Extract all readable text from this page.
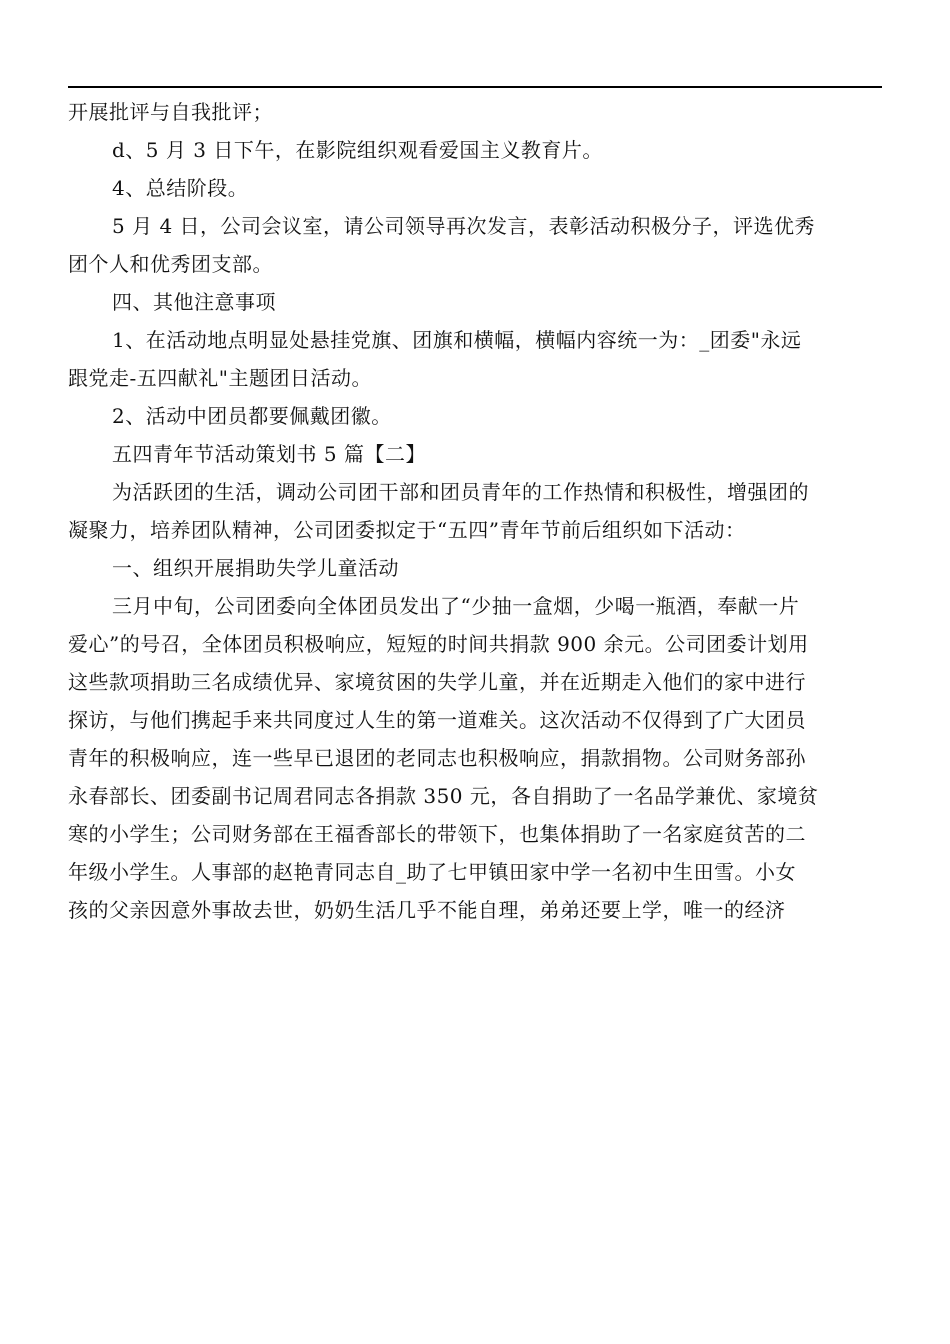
开展批评与自我批评；

d、5 月 3 日下午，在影院组织观看爱国主义教育片。

4、总结阶段。

5 月 4 日，公司会议室，请公司领导再次发言，表彰活动积极分子，评选优秀
团个人和优秀团支部。

四、其他注意事项

1、在活动地点明显处悬挂党旗、团旗和横幅，横幅内容统一为：_团委"永远
跟党走-五四献礼"主题团日活动。

2、活动中团员都要佩戴团徽。

五四青年节活动策划书 5 篇【二】

为活跃团的生活，调动公司团干部和团员青年的工作热情和积极性，增强团的
凝聚力，培养团队精神，公司团委拟定于“五四”青年节前后组织如下活动：

一、组织开展捐助失学儿童活动

三月中旬，公司团委向全体团员发出了“少抽一盒烟，少喝一瓶酒，奉献一片
爱心”的号召，全体团员积极响应，短短的时间共捐款 900 余元。公司团委计划用
这些款项捐助三名成绩优异、家境贫困的失学儿童，并在近期走入他们的家中进行
探访，与他们携起手来共同度过人生的第一道难关。这次活动不仅得到了广大团员
青年的积极响应，连一些早已退团的老同志也积极响应，捐款捐物。公司财务部孙
永春部长、团委副书记周君同志各捐款 350 元，各自捐助了一名品学兼优、家境贫
寒的小学生；公司财务部在王福香部长的带领下，也集体捐助了一名家庭贫苦的二
年级小学生。人事部的赵艳青同志自_助了七甲镇田家中学一名初中生田雪。小女
孩的父亲因意外事故去世，奶奶生活几乎不能自理，弟弟还要上学，唯一的经济
